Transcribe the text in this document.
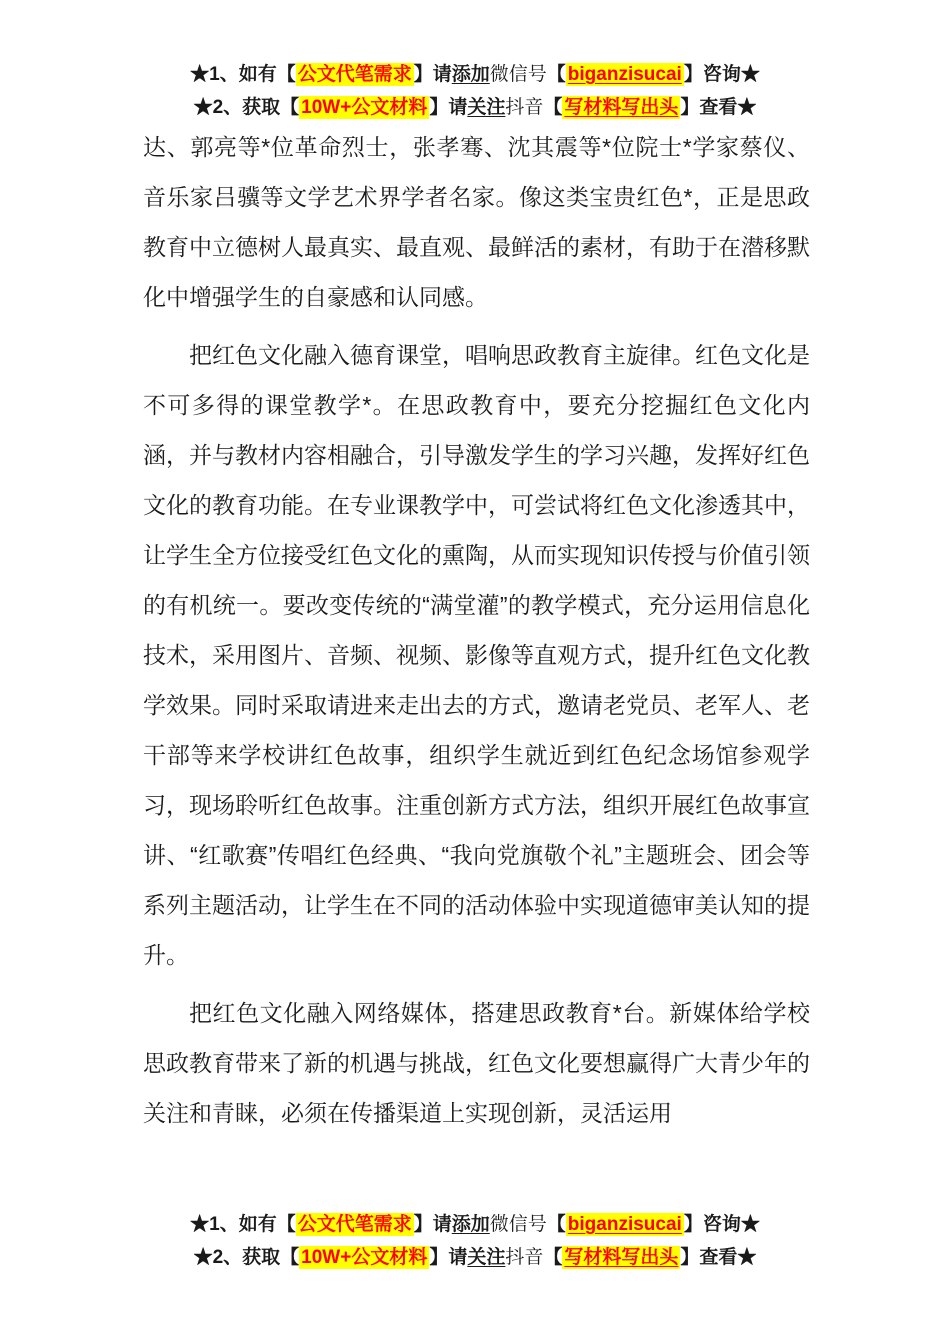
★1、如有【 公文代笔需求 】请添加微信号【 biganzisucai 】咨询★
★2、获取【 10W+公文材料 】请关注抖音【 写材料写出头 】查看★

达、郭亮等*位革命烈士，张孝骞、沈其震等*位院士*学家蔡仪、音乐家吕骥等文学艺术界学者名家。像这类宝贵红色*，正是思政教育中立德树人最真实、最直观、最鲜活的素材，有助于在潜移默化中增强学生的自豪感和认同感。

把红色文化融入德育课堂，唱响思政教育主旋律。红色文化是不可多得的课堂教学*。在思政教育中，要充分挖掘红色文化内涵，并与教材内容相融合，引导激发学生的学习兴趣，发挥好红色文化的教育功能。在专业课教学中，可尝试将红色文化渗透其中，让学生全方位接受红色文化的熏陶，从而实现知识传授与价值引领的有机统一。要改变传统的“满堂灌”的教学模式，充分运用信息化技术，采用图片、音频、视频、影像等直观方式，提升红色文化教学效果。同时采取请进来走出去的方式，邀请老党员、老军人、老干部等来学校讲红色故事，组织学生就近到红色纪念场馆参观学习，现场聆听红色故事。注重创新方式方法，组织开展红色故事宣讲、“红歌赛”传唱红色经典、“我向党旗敬个礼”主题班会、团会等系列主题活动，让学生在不同的活动体验中实现道德审美认知的提升。

把红色文化融入网络媒体，搭建思政教育*台。新媒体给学校思政教育带来了新的机遇与挑战，红色文化要想赢得广大青少年的关注和青睐，必须在传播渠道上实现创新，灵活运用

★1、如有【 公文代笔需求 】请添加微信号【 biganzisucai 】咨询★
★2、获取【 10W+公文材料 】请关注抖音【 写材料写出头 】查看★
